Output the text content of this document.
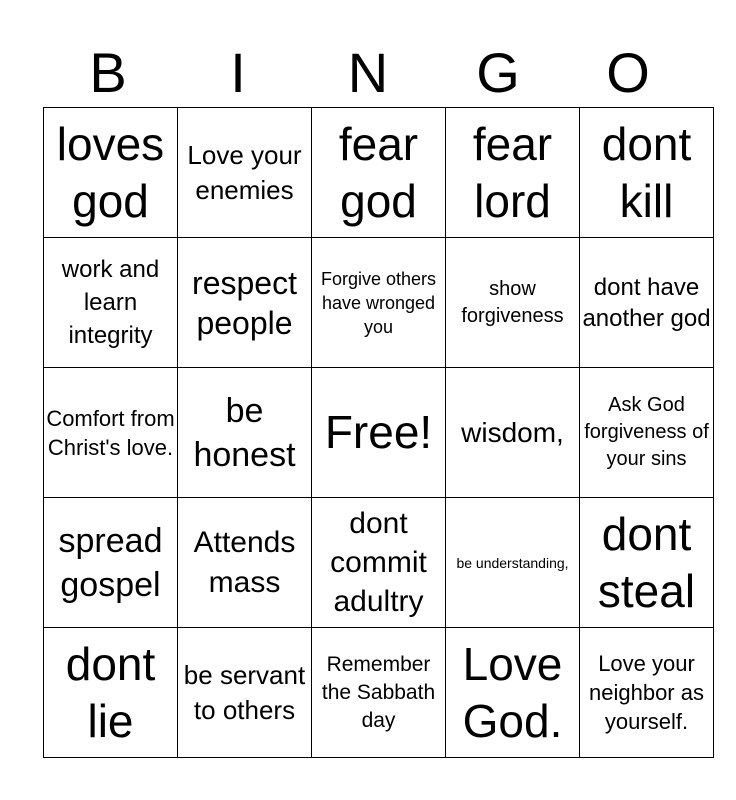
B	I	N	G	O
loves god	Love your enemies	fear god	fear lord	dont kill

work and learn integrity	respect people	Forgive others have wronged you	show forgiveness	dont have another god

Comfort from Christ's love.	be honest	Free!	wisdom,	Ask God forgiveness of your sins

spread gospel	Attends mass	dont commit adultry	be understanding,	dont steal

dont lie	be servant to others	Remember the Sabbath day	Love God.	Love your neighbor as yourself.
